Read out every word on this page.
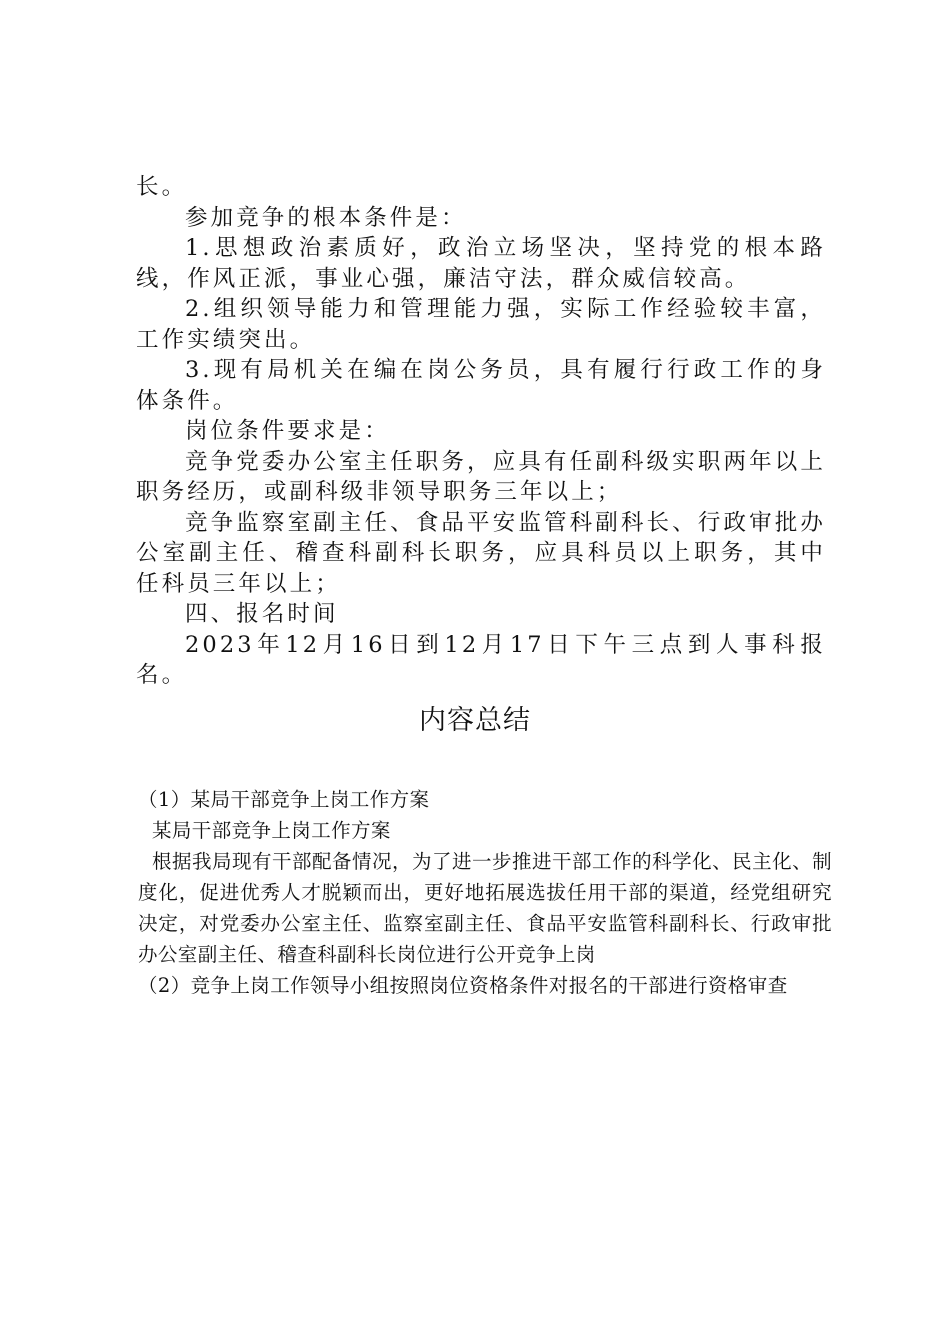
长。

参加竞争的根本条件是：

1.思想政治素质好，政治立场坚决，坚持党的根本路线，作风正派，事业心强，廉洁守法，群众威信较高。

2.组织领导能力和管理能力强，实际工作经验较丰富，工作实绩突出。

3.现有局机关在编在岗公务员，具有履行行政工作的身体条件。

岗位条件要求是：

竞争党委办公室主任职务，应具有任副科级实职两年以上职务经历，或副科级非领导职务三年以上；

竞争监察室副主任、食品平安监管科副科长、行政审批办公室副主任、稽查科副科长职务，应具科员以上职务，其中任科员三年以上；

四、报名时间

2023年12月16日到12月17日下午三点到人事科报名。

内容总结

（1）某局干部竞争上岗工作方案

某局干部竞争上岗工作方案

根据我局现有干部配备情况，为了进一步推进干部工作的科学化、民主化、制度化，促进优秀人才脱颖而出，更好地拓展选拔任用干部的渠道，经党组研究决定，对党委办公室主任、监察室副主任、食品平安监管科副科长、行政审批办公室副主任、稽查科副科长岗位进行公开竞争上岗

（2）竞争上岗工作领导小组按照岗位资格条件对报名的干部进行资格审查
